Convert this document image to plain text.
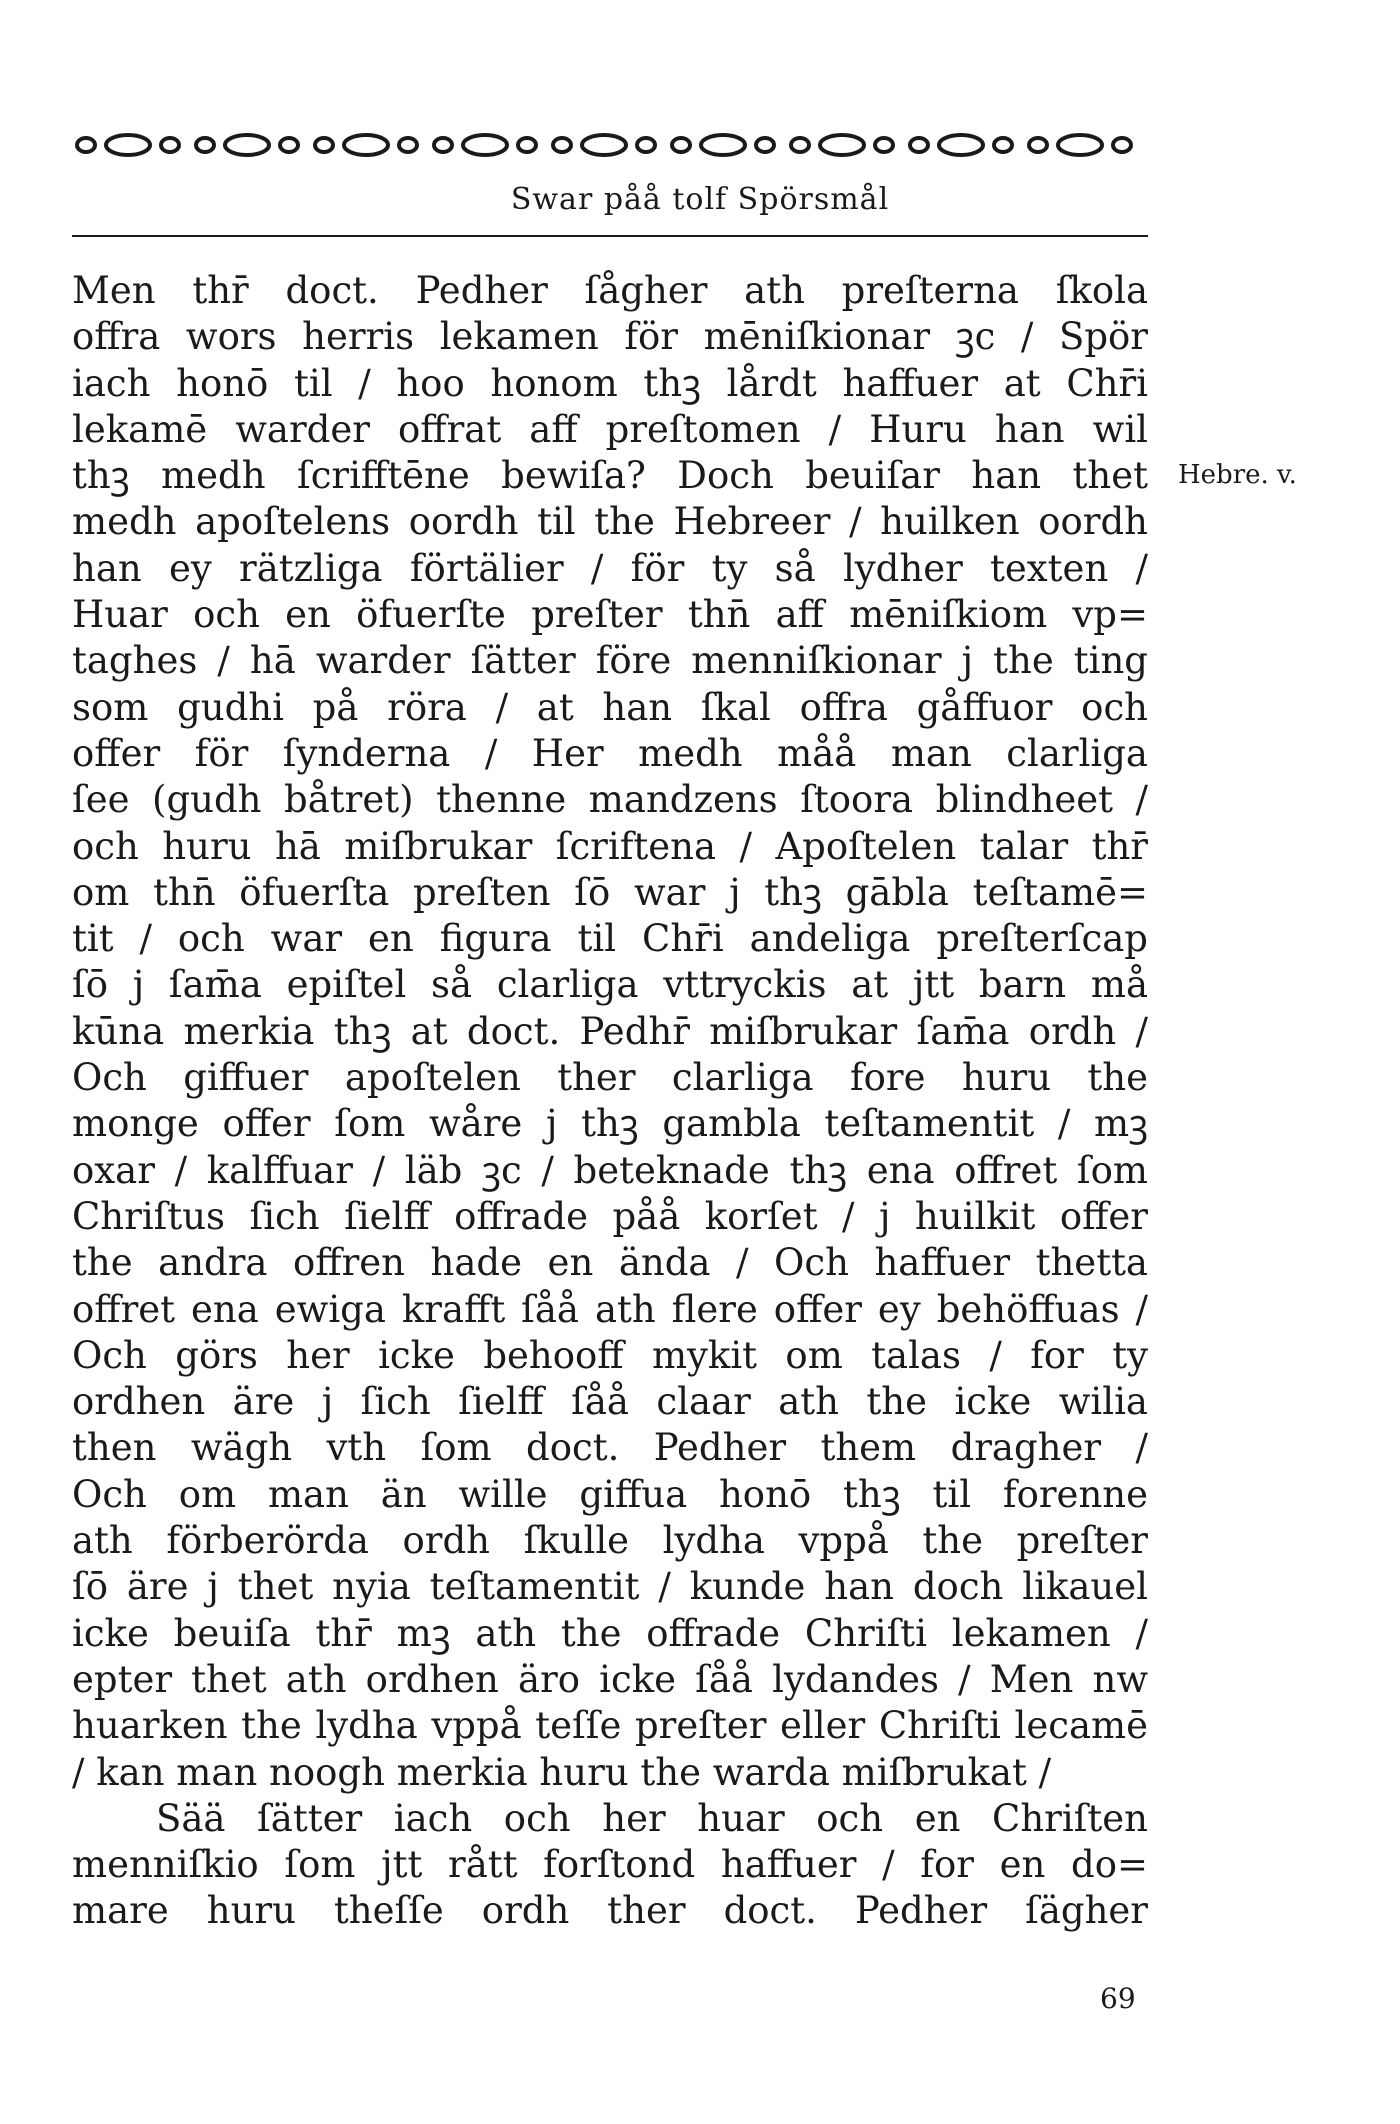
Swar påå tolf Spörsmål
Men thr̄ doct. Pedher ſågher ath preſterna ſkola
offra wors herris lekamen för mēniſkionar ꝫc / Spör
iach honō til / hoo honom thꝫ lårdt haffuer at Chr̄i
lekamē warder offrat aff preſtomen / Huru han wil
thꝫ medh ſcrifftēne bewiſa? Doch beuiſar han thet
medh apoſtelens oordh til the Hebreer / huilken oordh
han ey rätzliga förtälier / för ty så lydher texten /
Huar och en öfuerſte preſter thn̄ aff mēniſkiom vp=
taghes / hā warder ſätter före menniſkionar j the ting
som gudhi på röra / at han ſkal offra gåffuor och
offer för ſynderna / Her medh måå man clarliga
ſee (gudh båtret) thenne mandzens ſtoora blindheet /
och huru hā miſbrukar ſcriftena / Apoſtelen talar thr̄
om thn̄ öfuerſta preſten ſō war j thꝫ gābla teſtamē=
tit / och war en figura til Chr̄i andeliga preſterſcap
ſō j ſam̄a epiſtel så clarliga vttryckis at jtt barn må
kūna merkia thꝫ at doct. Pedhr̄ miſbrukar ſam̄a ordh /
Och giffuer apoſtelen ther clarliga fore huru the
monge offer ſom wåre j thꝫ gambla teſtamentit / mꝫ
oxar / kalffuar / läb ꝫc / beteknade thꝫ ena offret ſom
Chriſtus ſich ſielff offrade påå korſet / j huilkit offer
the andra offren hade en ända / Och haffuer thetta
offret ena ewiga krafft ſåå ath flere offer ey behöffuas /
Och görs her icke behooff mykit om talas / for ty
ordhen äre j ſich ſielff ſåå claar ath the icke wilia
then wägh vth ſom doct. Pedher them dragher /
Och om man än wille giffua honō thꝫ til forenne
ath förberörda ordh ſkulle lydha vppå the preſter
ſō äre j thet nyia teſtamentit / kunde han doch likauel
icke beuiſa thr̄ mꝫ ath the offrade Chriſti lekamen /
epter thet ath ordhen äro icke ſåå lydandes / Men nw
huarken the lydha vppå teſſe preſter eller Chriſti lecamē
/ kan man noogh merkia huru the warda miſbrukat /
Sää ſätter iach och her huar och en Chriſten
menniſkio ſom jtt rått forſtond haffuer / for en do=
mare huru theſſe ordh ther doct. Pedher ſägher
Hebre. v.
69
